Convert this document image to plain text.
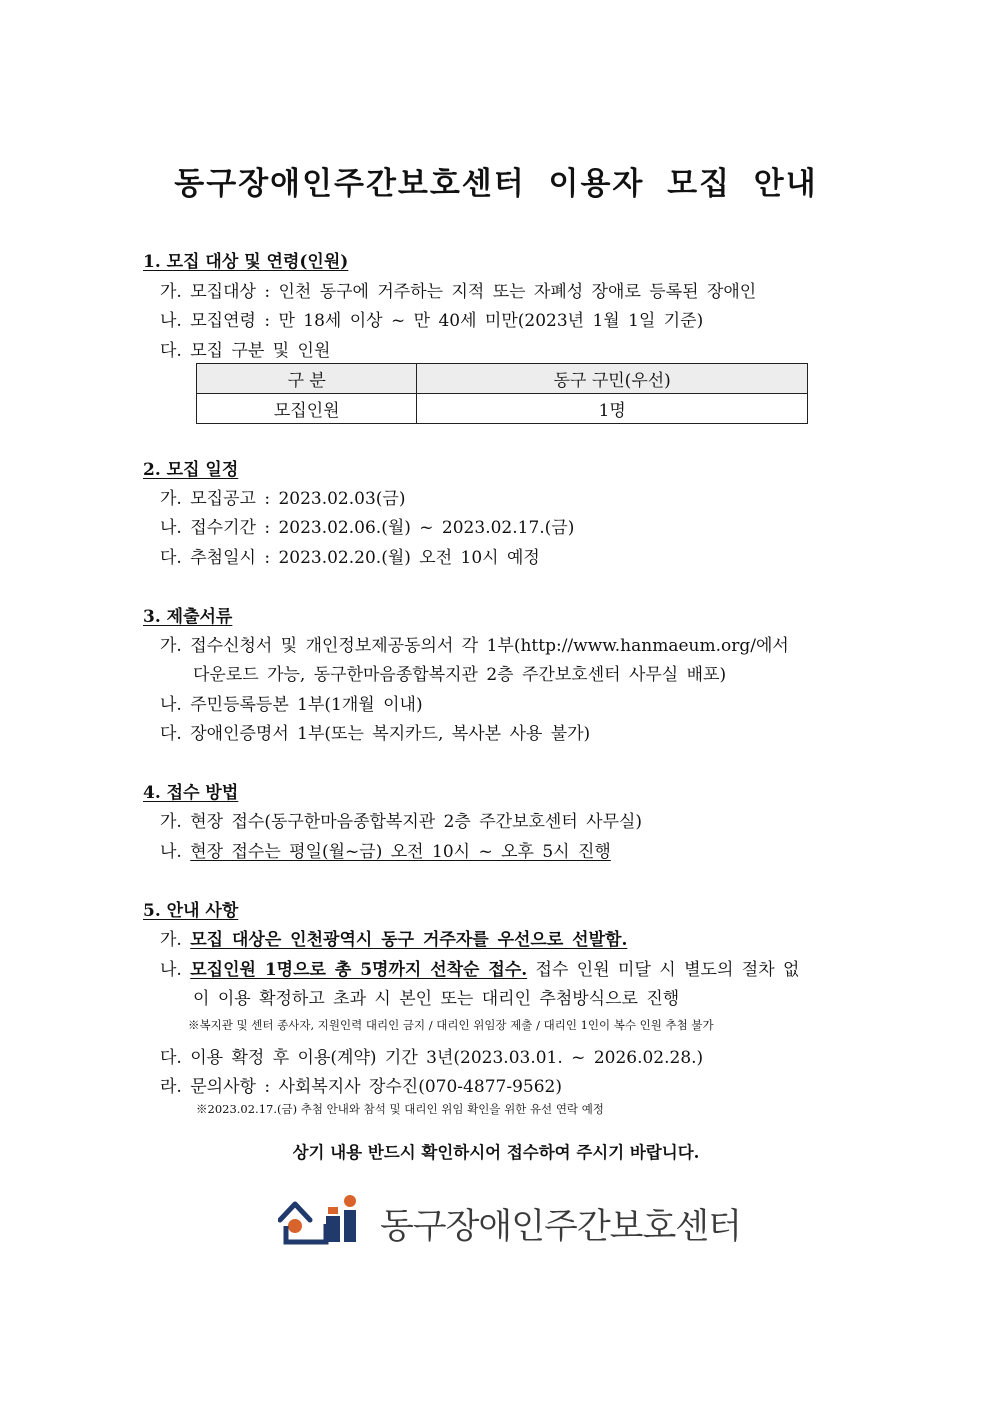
동구장애인주간보호센터 이용자 모집 안내
1. 모집 대상 및 연령(인원)
가. 모집대상 : 인천 동구에 거주하는 지적 또는 자폐성 장애로 등록된 장애인
나. 모집연령 : 만 18세 이상 ~ 만 40세 미만(2023년 1월 1일 기준)
다. 모집 구분 및 인원
구 분	동구 구민(우선)
모집인원	1명
2. 모집 일정
가. 모집공고 : 2023.02.03(금)
나. 접수기간 : 2023.02.06.(월) ~ 2023.02.17.(금)
다. 추첨일시 : 2023.02.20.(월) 오전 10시 예정
3. 제출서류
가. 접수신청서 및 개인정보제공동의서 각 1부(http://www.hanmaeum.org/에서
다운로드 가능, 동구한마음종합복지관 2층 주간보호센터 사무실 배포)
나. 주민등록등본 1부(1개월 이내)
다. 장애인증명서 1부(또는 복지카드, 복사본 사용 불가)
4. 접수 방법
가. 현장 접수(동구한마음종합복지관 2층 주간보호센터 사무실)
나. 현장 접수는 평일(월~금) 오전 10시 ~ 오후 5시 진행
5. 안내 사항
가. 모집 대상은 인천광역시 동구 거주자를 우선으로 선발함.
나. 모집인원 1명으로 총 5명까지 선착순 접수. 접수 인원 미달 시 별도의 절차 없
이 이용 확정하고 초과 시 본인 또는 대리인 추첨방식으로 진행
※복지관 및 센터 종사자, 지원인력 대리인 금지 / 대리인 위임장 제출 / 대리인 1인이 복수 인원 추첨 불가
다. 이용 확정 후 이용(계약) 기간 3년(2023.03.01. ~ 2026.02.28.)
라. 문의사항 : 사회복지사 장수진(070-4877-9562)
※2023.02.17.(금) 추첨 안내와 참석 및 대리인 위임 확인을 위한 유선 연락 예정
상기 내용 반드시 확인하시어 접수하여 주시기 바랍니다.
동구장애인주간보호센터
